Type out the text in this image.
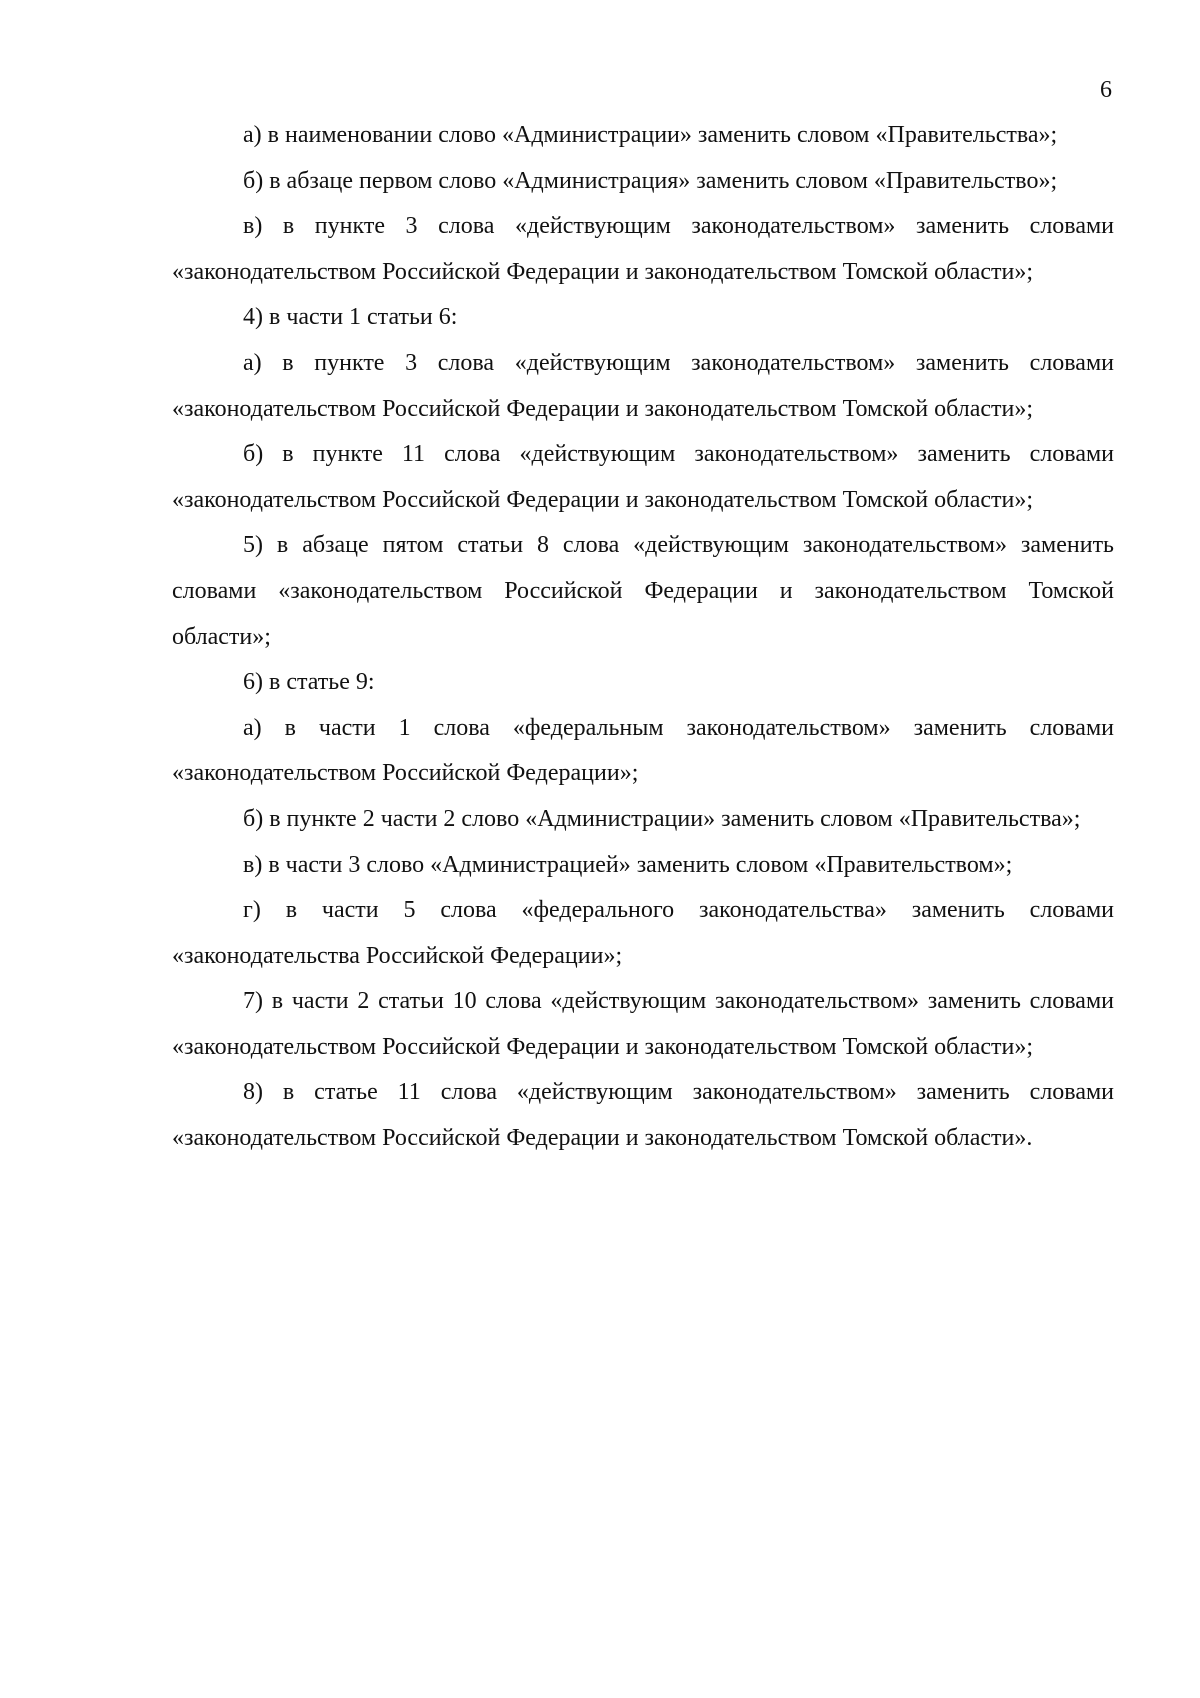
6

а) в наименовании слово «Администрации» заменить словом «Правительства»;

б) в абзаце первом слово «Администрация» заменить словом «Правительство»;

в) в пункте 3 слова «действующим законодательством» заменить словами «законодательством Российской Федерации и законодательством Томской области»;

4) в части 1 статьи 6:

а) в пункте 3 слова «действующим законодательством» заменить словами «законодательством Российской Федерации и законодательством Томской области»;

б) в пункте 11 слова «действующим законодательством» заменить словами «законодательством Российской Федерации и законодательством Томской области»;

5) в абзаце пятом статьи 8 слова «действующим законодательством» заменить словами «законодательством Российской Федерации и законодательством Томской области»;

6) в статье 9:

а) в части 1 слова «федеральным законодательством» заменить словами «законодательством Российской Федерации»;

б) в пункте 2 части 2 слово «Администрации» заменить словом «Правительства»;

в) в части 3 слово «Администрацией» заменить словом «Правительством»;

г) в части 5 слова «федерального законодательства» заменить словами «законодательства Российской Федерации»;

7) в части 2 статьи 10 слова «действующим законодательством» заменить словами «законодательством Российской Федерации и законодательством Томской области»;

8) в статье 11 слова «действующим законодательством» заменить словами «законодательством Российской Федерации и законодательством Томской области».
